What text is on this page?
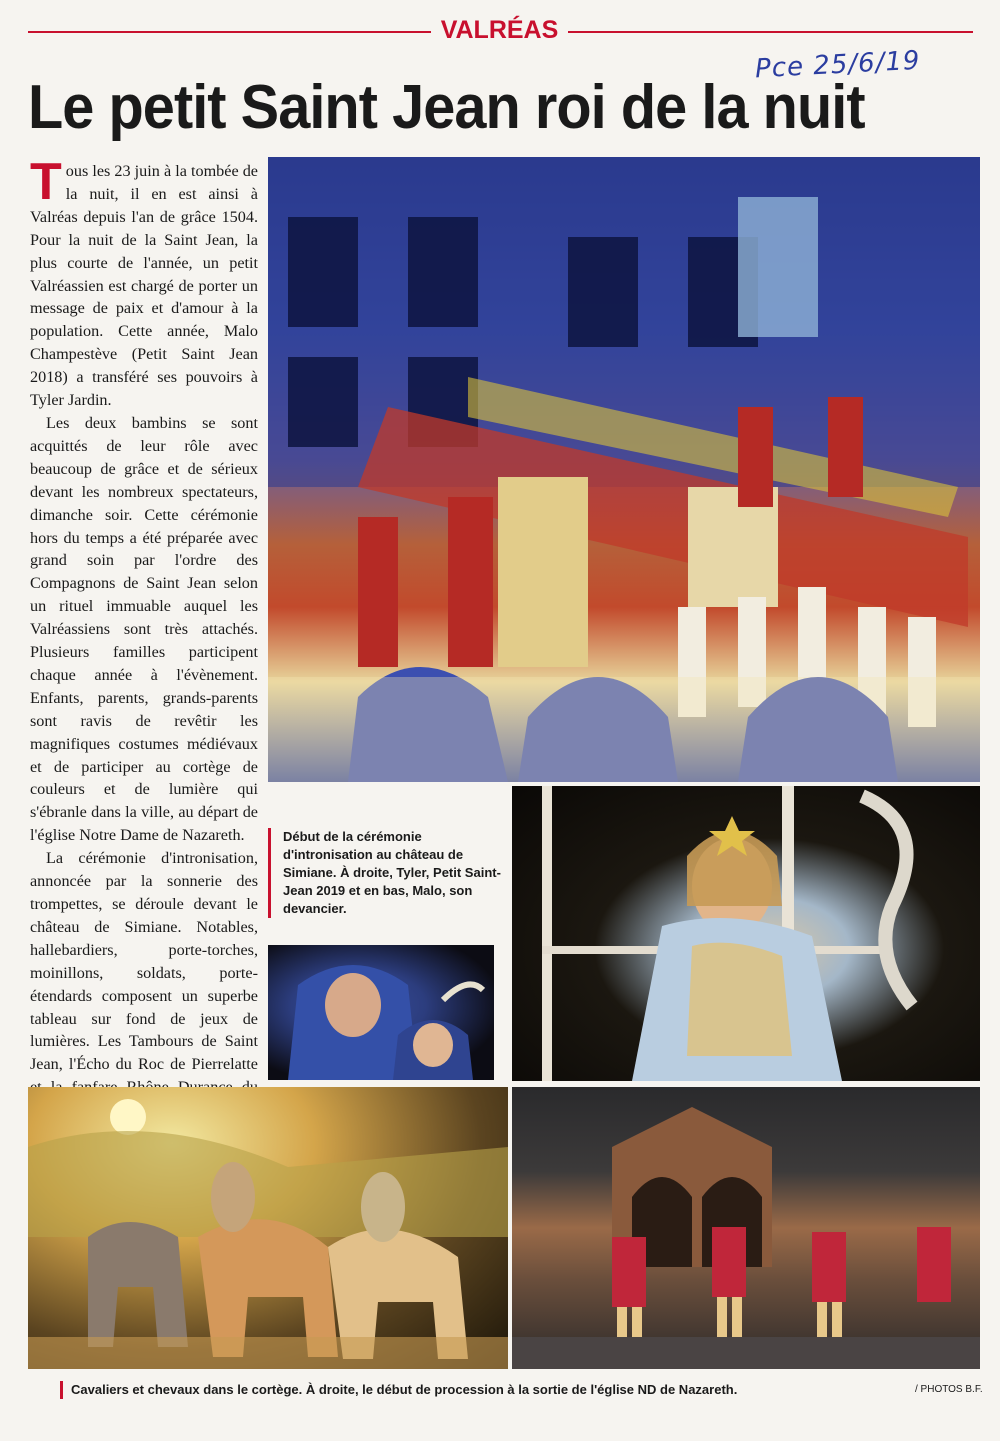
VALRÉAS
Pce 25/6/19
Le petit Saint Jean roi de la nuit

Tous les 23 juin à la tombée de la nuit, il en est ainsi à Valréas depuis l'an de grâce 1504. Pour la nuit de la Saint Jean, la plus courte de l'année, un petit Valréassien est chargé de porter un message de paix et d'amour à la population. Cette année, Malo Champestève (Petit Saint Jean 2018) a transféré ses pouvoirs à Tyler Jardin.

Les deux bambins se sont acquittés de leur rôle avec beaucoup de grâce et de sérieux devant les nombreux spectateurs, dimanche soir. Cette cérémonie hors du temps a été préparée avec grand soin par l'ordre des Compagnons de Saint Jean selon un rituel immuable auquel les Valréassiens sont très attachés. Plusieurs familles participent chaque année à l'évènement. Enfants, parents, grands-parents sont ravis de revêtir les magnifiques costumes médiévaux et de participer au cortège de couleurs et de lumière qui s'ébranle dans la ville, au départ de l'église Notre Dame de Nazareth.

La cérémonie d'intronisation, annoncée par la sonnerie des trompettes, se déroule devant le château de Simiane. Notables, hallebardiers, porte-torches, moinillons, soldats, porte-étendards composent un superbe tableau sur fond de jeux de lumières. Les Tambours de Saint Jean, l'Écho du Roc de Pierrelatte

Début de la cérémonie d'intronisation au château de Simiane. À droite, Tyler, Petit Saint-Jean 2019 et en bas, Malo, son devancier.
Cavaliers et chevaux dans le cortège. À droite, le début de procession à la sortie de l'église ND de Nazareth.	/ PHOTOS B.F.
